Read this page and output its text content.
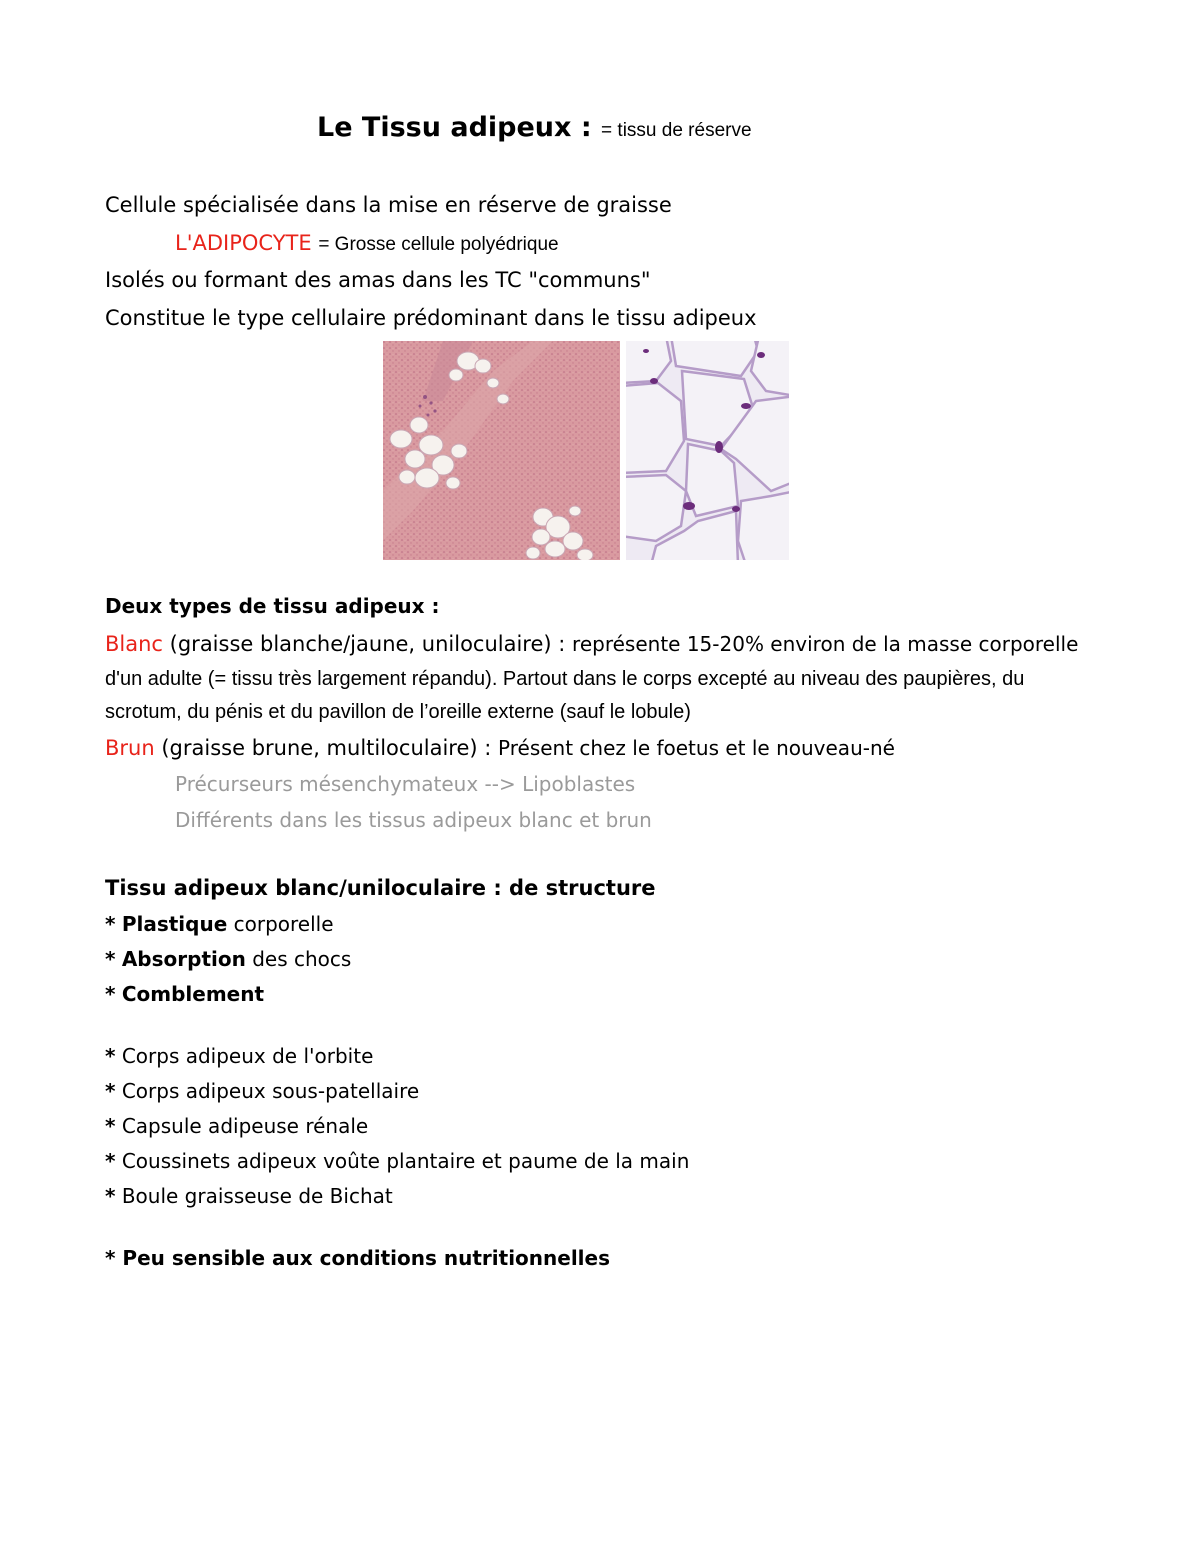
Le Tissu adipeux : = tissu de réserve
Cellule spécialisée dans la mise en réserve de graisse
L'ADIPOCYTE = Grosse cellule polyédrique
Isolés ou formant des amas dans les TC "communs"
Constitue le type cellulaire prédominant dans le tissu adipeux
Deux types de tissu adipeux :
Blanc (graisse blanche/jaune, uniloculaire) : représente 15-20% environ de la masse corporelle
d'un adulte (= tissu très largement répandu). Partout dans le corps excepté au niveau des paupières, du
scrotum, du pénis et du pavillon de l’oreille externe (sauf le lobule)
Brun (graisse brune, multiloculaire) : Présent chez le foetus et le nouveau-né
Précurseurs mésenchymateux --> Lipoblastes
Différents dans les tissus adipeux blanc et brun
Tissu adipeux blanc/uniloculaire : de structure
* Plastique corporelle
* Absorption des chocs
* Comblement
* Corps adipeux de l'orbite
* Corps adipeux sous-patellaire
* Capsule adipeuse rénale
* Coussinets adipeux voûte plantaire et paume de la main
* Boule graisseuse de Bichat
* Peu sensible aux conditions nutritionnelles
